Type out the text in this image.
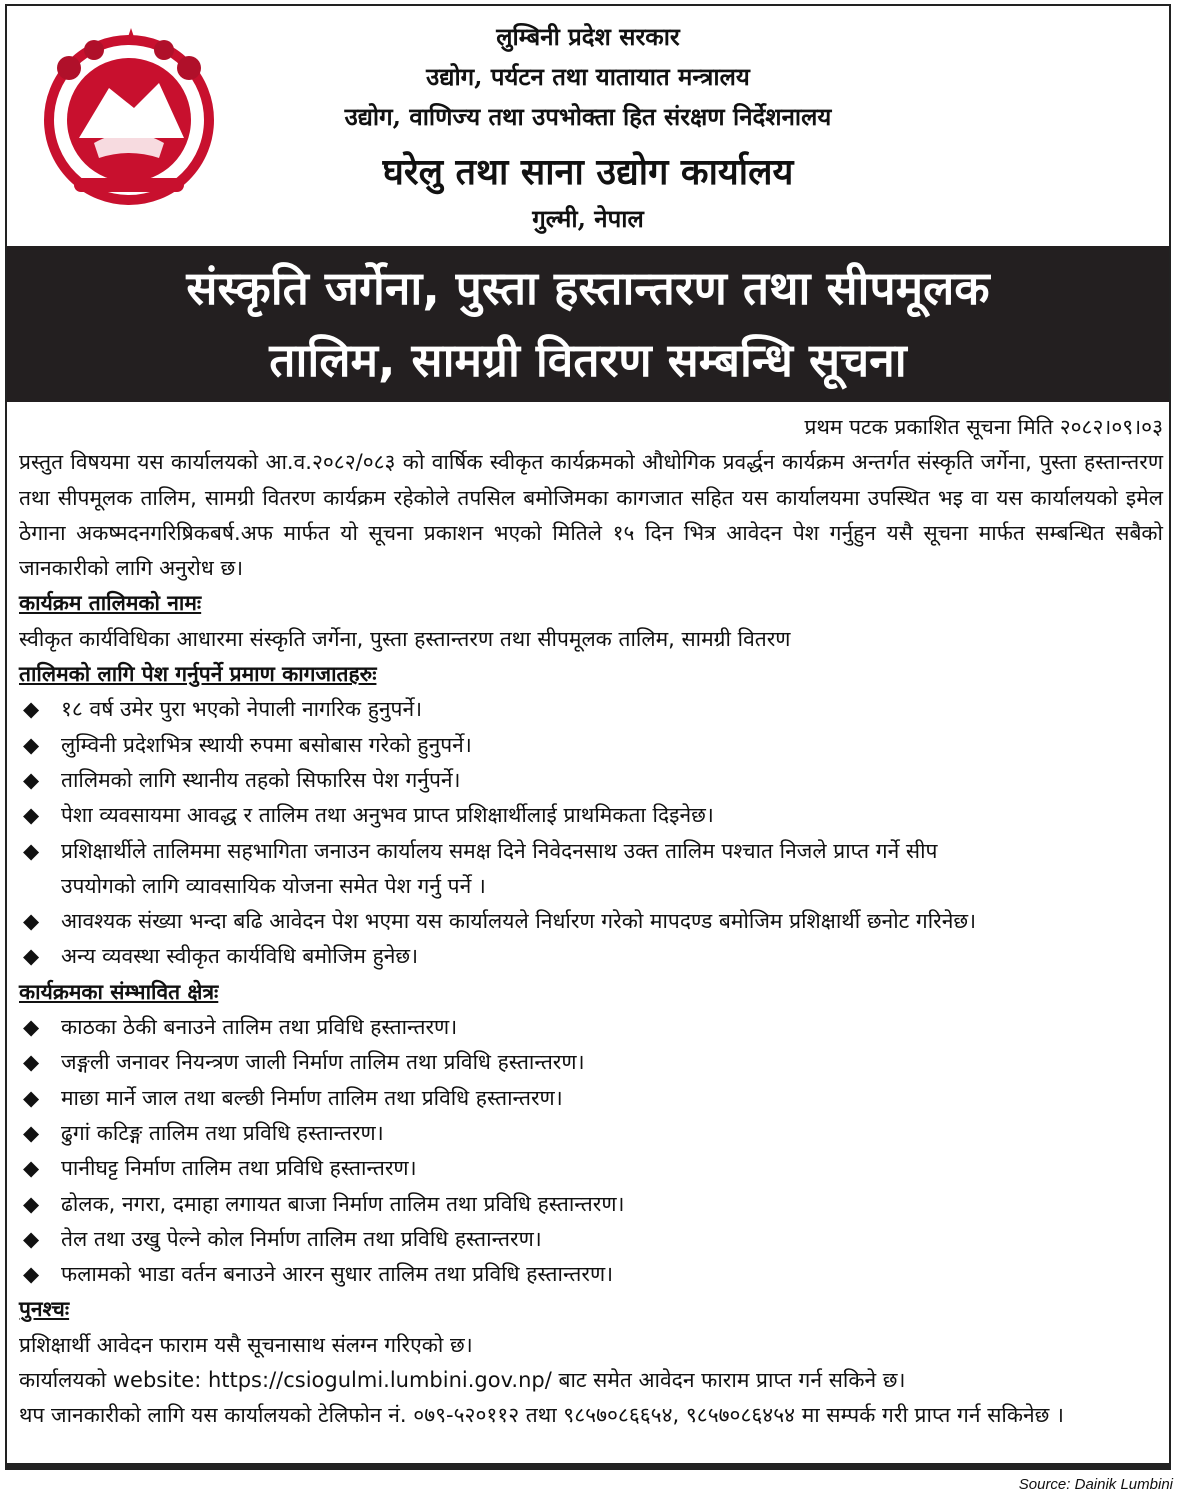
लुम्बिनी प्रदेश सरकार
उद्योग, पर्यटन तथा यातायात मन्त्रालय
उद्योग, वाणिज्य तथा उपभोक्ता हित संरक्षण निर्देशनालय
घरेलु तथा साना उद्योग कार्यालय
गुल्मी, नेपाल
संस्कृति जर्गेना, पुस्ता हस्तान्तरण तथा सीपमूलक
तालिम, सामग्री वितरण सम्बन्धि सूचना
प्रथम पटक प्रकाशित सूचना मिति २०८२।०९।०३
प्रस्तुत विषयमा यस कार्यालयको आ.व.२०८२/०८३ को वार्षिक स्वीकृत कार्यक्रमको औधोगिक प्रवर्द्धन कार्यक्रम अन्तर्गत संस्कृति जर्गेना, पुस्ता हस्तान्तरण तथा सीपमूलक तालिम, सामग्री वितरण कार्यक्रम रहेकोले तपसिल बमोजिमका कागजात सहित यस कार्यालयमा उपस्थित भइ वा यस कार्यालयको इमेल ठेगाना अकष्मदनगरिष्रिकबर्ष.अफ मार्फत यो सूचना प्रकाशन भएको मितिले १५ दिन भित्र आवेदन पेश गर्नुहुन यसै सूचना मार्फत सम्बन्धित सबैको जानकारीको लागि अनुरोध छ।
कार्यक्रम तालिमको नामः
स्वीकृत कार्यविधिका आधारमा संस्कृति जर्गेना, पुस्ता हस्तान्तरण तथा सीपमूलक तालिम, सामग्री वितरण
तालिमको लागि पेश गर्नुपर्ने प्रमाण कागजातहरुः
◆ १८ वर्ष उमेर पुरा भएको नेपाली नागरिक हुनुपर्ने।
◆ लुम्विनी प्रदेशभित्र स्थायी रुपमा बसोबास गरेको हुनुपर्ने।
◆ तालिमको लागि स्थानीय तहको सिफारिस पेश गर्नुपर्ने।
◆ पेशा व्यवसायमा आवद्ध र तालिम तथा अनुभव प्राप्त प्रशिक्षार्थीलाई प्राथमिकता दिइनेछ।
◆ प्रशिक्षार्थीले तालिममा सहभागिता जनाउन कार्यालय समक्ष दिने निवेदनसाथ उक्त तालिम पश्चात निजले प्राप्त गर्ने सीप
उपयोगको लागि व्यावसायिक योजना समेत पेश गर्नु पर्ने ।
◆ आवश्यक संख्या भन्दा बढि आवेदन पेश भएमा यस कार्यालयले निर्धारण गरेको मापदण्ड बमोजिम प्रशिक्षार्थी छनोट गरिनेछ।
◆ अन्य व्यवस्था स्वीकृत कार्यविधि बमोजिम हुनेछ।
कार्यक्रमका संम्भावित क्षेत्रः
◆ काठका ठेकी बनाउने तालिम तथा प्रविधि हस्तान्तरण।
◆ जङ्गली जनावर नियन्त्रण जाली निर्माण तालिम तथा प्रविधि हस्तान्तरण।
◆ माछा मार्ने जाल तथा बल्छी निर्माण तालिम तथा प्रविधि हस्तान्तरण।
◆ ढुगां कटिङ्ग तालिम तथा प्रविधि हस्तान्तरण।
◆ पानीघट्ट निर्माण तालिम तथा प्रविधि हस्तान्तरण।
◆ ढोलक, नगरा, दमाहा लगायत बाजा निर्माण तालिम तथा प्रविधि हस्तान्तरण।
◆ तेल तथा उखु पेल्ने कोल निर्माण तालिम तथा प्रविधि हस्तान्तरण।
◆ फलामको भाडा वर्तन बनाउने आरन सुधार तालिम तथा प्रविधि हस्तान्तरण।
पुनश्चः
प्रशिक्षार्थी आवेदन फाराम यसै सूचनासाथ संलग्न गरिएको छ।
कार्यालयको website: https://csiogulmi.lumbini.gov.np/ बाट समेत आवेदन फाराम प्राप्त गर्न सकिने छ।
थप जानकारीको लागि यस कार्यालयको टेलिफोन नं. ०७९-५२०११२ तथा ९८५७०८६६५४, ९८५७०८६४५४ मा सम्पर्क गरी प्राप्त गर्न सकिनेछ ।
Source: Dainik Lumbini
